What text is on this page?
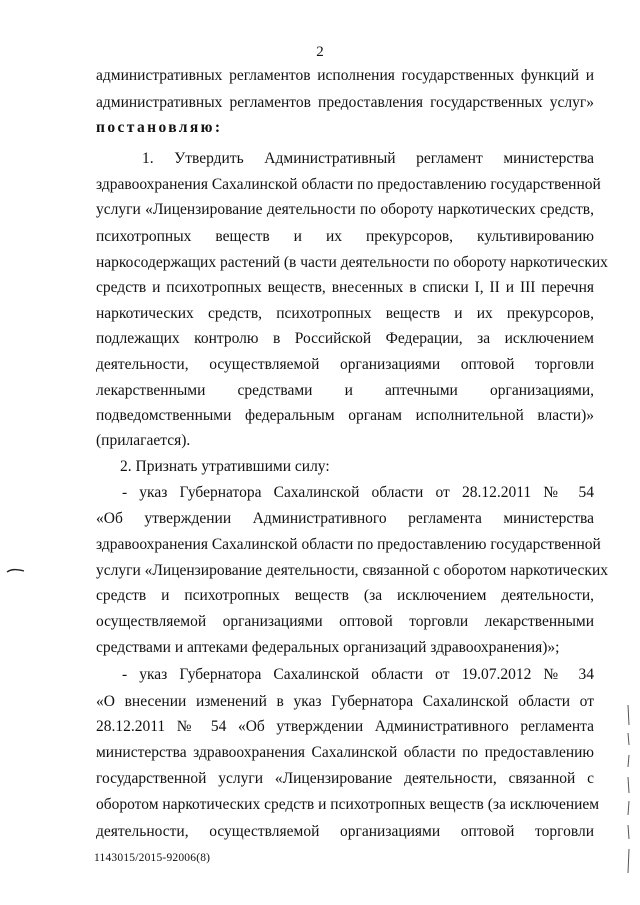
2
административных регламентов исполнения государственных функций и
административных регламентов предоставления государственных услуг»
постановляю:
1. Утвердить Административный регламент министерства
здравоохранения Сахалинской области по предоставлению государственной
услуги «Лицензирование деятельности по обороту наркотических средств,
психотропных веществ и их прекурсоров, культивированию
наркосодержащих растений (в части деятельности по обороту наркотических
средств и психотропных веществ, внесенных в списки I, II и III перечня
наркотических средств, психотропных веществ и их прекурсоров,
подлежащих контролю в Российской Федерации, за исключением
деятельности, осуществляемой организациями оптовой торговли
лекарственными средствами и аптечными организациями,
подведомственными федеральным органам исполнительной власти)»
(прилагается).
2. Признать утратившими силу:
- указ Губернатора Сахалинской области от 28.12.2011 № 54
«Об утверждении Административного регламента министерства
здравоохранения Сахалинской области по предоставлению государственной
услуги «Лицензирование деятельности, связанной с оборотом наркотических
средств и психотропных веществ (за исключением деятельности,
осуществляемой организациями оптовой торговли лекарственными
средствами и аптеками федеральных организаций здравоохранения)»;
- указ Губернатора Сахалинской области от 19.07.2012 № 34
«О внесении изменений в указ Губернатора Сахалинской области от
28.12.2011 № 54 «Об утверждении Административного регламента
министерства здравоохранения Сахалинской области по предоставлению
государственной услуги «Лицензирование деятельности, связанной с
оборотом наркотических средств и психотропных веществ (за исключением
деятельности, осуществляемой организациями оптовой торговли
1143015/2015-92006(8)
